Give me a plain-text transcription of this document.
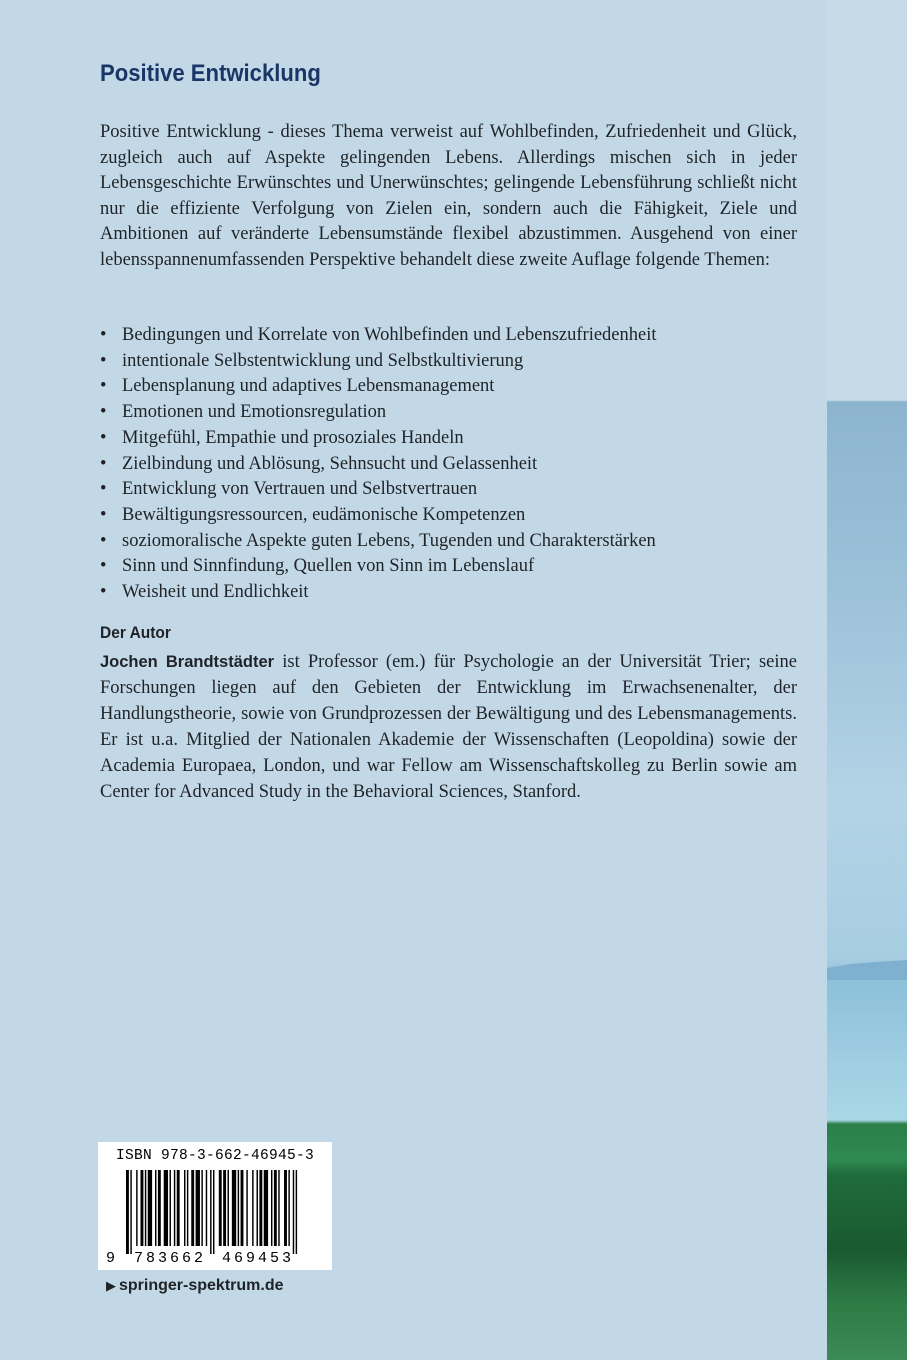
Positive Entwicklung

Positive Entwicklung - dieses Thema verweist auf Wohlbefinden, Zufriedenheit und Glück, zugleich auch auf Aspekte gelingenden Lebens. Allerdings mischen sich in jeder Lebensgeschichte Erwünschtes und Unerwünschtes; gelingende Lebensführung schließt nicht nur die effiziente Verfolgung von Zielen ein, sondern auch die Fähigkeit, Ziele und Ambitionen auf veränderte Lebensumstände flexibel abzustimmen. Ausgehend von einer lebensspannenumfassenden Perspektive behandelt diese zweite Auflage folgende Themen:

• Bedingungen und Korrelate von Wohlbefinden und Lebenszufriedenheit
• intentionale Selbstentwicklung und Selbstkultivierung
• Lebensplanung und adaptives Lebensmanagement
• Emotionen und Emotionsregulation
• Mitgefühl, Empathie und prosoziales Handeln
• Zielbindung und Ablösung, Sehnsucht und Gelassenheit
• Entwicklung von Vertrauen und Selbstvertrauen
• Bewältigungsressourcen, eudämonische Kompetenzen
• soziomoralische Aspekte guten Lebens, Tugenden und Charakterstärken
• Sinn und Sinnfindung, Quellen von Sinn im Lebenslauf
• Weisheit und Endlichkeit
Der Autor

Jochen Brandtstädter ist Professor (em.) für Psychologie an der Universität Trier; seine Forschungen liegen auf den Gebieten der Entwicklung im Erwachsenenalter, der Handlungstheorie, sowie von Grundprozessen der Bewältigung und des Lebensmanagements. Er ist u.a. Mitglied der Nationalen Akademie der Wissenschaften (Leopoldina) sowie der Academia Europaea, London, und war Fellow am Wissenschaftskolleg zu Berlin sowie am Center for Advanced Study in the Behavioral Sciences, Stanford.

ISBN 978-3-662-46945-3
9 783662 469453

▶ springer-spektrum.de
